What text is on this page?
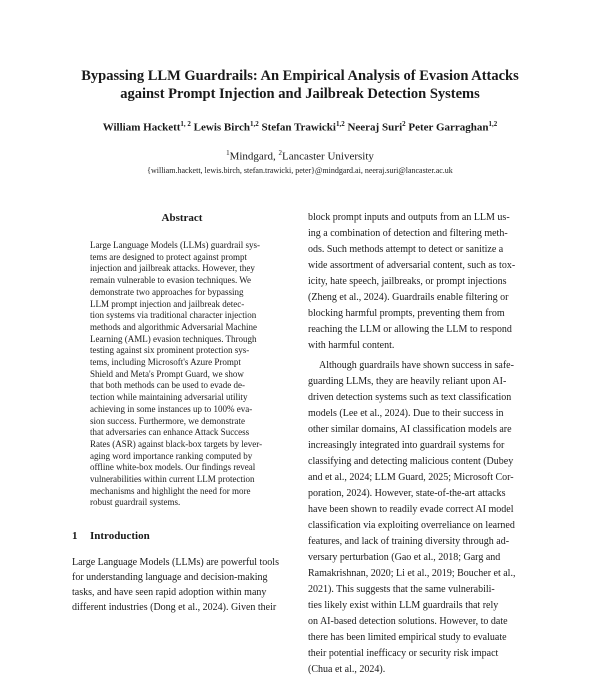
Bypassing LLM Guardrails: An Empirical Analysis of Evasion Attacks
against Prompt Injection and Jailbreak Detection Systems
William Hackett$^{1, 2}$ Lewis Birch$^{1,2}$ Stefan Trawicki$^{1,2}$ Neeraj Suri$^2$ Peter Garraghan$^{1,2}$
$^1$Mindgard, $^2$Lancaster University
{william.hackett, lewis.birch, stefan.trawicki, peter}@mindgard.ai, neeraj.suri@lancaster.ac.uk
Abstract
Large Language Models (LLMs) guardrail sys-
tems are designed to protect against prompt
injection and jailbreak attacks. However, they
remain vulnerable to evasion techniques. We
demonstrate two approaches for bypassing
LLM prompt injection and jailbreak detec-
tion systems via traditional character injection
methods and algorithmic Adversarial Machine
Learning (AML) evasion techniques. Through
testing against six prominent protection sys-
tems, including Microsoft's Azure Prompt
Shield and Meta's Prompt Guard, we show
that both methods can be used to evade de-
tection while maintaining adversarial utility
achieving in some instances up to 100% eva-
sion success. Furthermore, we demonstrate
that adversaries can enhance Attack Success
Rates (ASR) against black-box targets by lever-
aging word importance ranking computed by
offline white-box models. Our findings reveal
vulnerabilities within current LLM protection
mechanisms and highlight the need for more
robust guardrail systems.
1 Introduction
Large Language Models (LLMs) are powerful tools
for understanding language and decision-making
tasks, and have seen rapid adoption within many
different industries (Dong et al., 2024). Given their
block prompt inputs and outputs from an LLM us-
ing a combination of detection and filtering meth-
ods. Such methods attempt to detect or sanitize a
wide assortment of adversarial content, such as tox-
icity, hate speech, jailbreaks, or prompt injections
(Zheng et al., 2024). Guardrails enable filtering or
blocking harmful prompts, preventing them from
reaching the LLM or allowing the LLM to respond
with harmful content.
Although guardrails have shown success in safe-
guarding LLMs, they are heavily reliant upon AI-
driven detection systems such as text classification
models (Lee et al., 2024). Due to their success in
other similar domains, AI classification models are
increasingly integrated into guardrail systems for
classifying and detecting malicious content (Dubey
and et al., 2024; LLM Guard, 2025; Microsoft Cor-
poration, 2024). However, state-of-the-art attacks
have been shown to readily evade correct AI model
classification via exploiting overreliance on learned
features, and lack of training diversity through ad-
versary perturbation (Gao et al., 2018; Garg and
Ramakrishnan, 2020; Li et al., 2019; Boucher et al.,
2021). This suggests that the same vulnerabili-
ties likely exist within LLM guardrails that rely
on AI-based detection solutions. However, to date
there has been limited empirical study to evaluate
their potential inefficacy or security risk impact
(Chua et al., 2024).
